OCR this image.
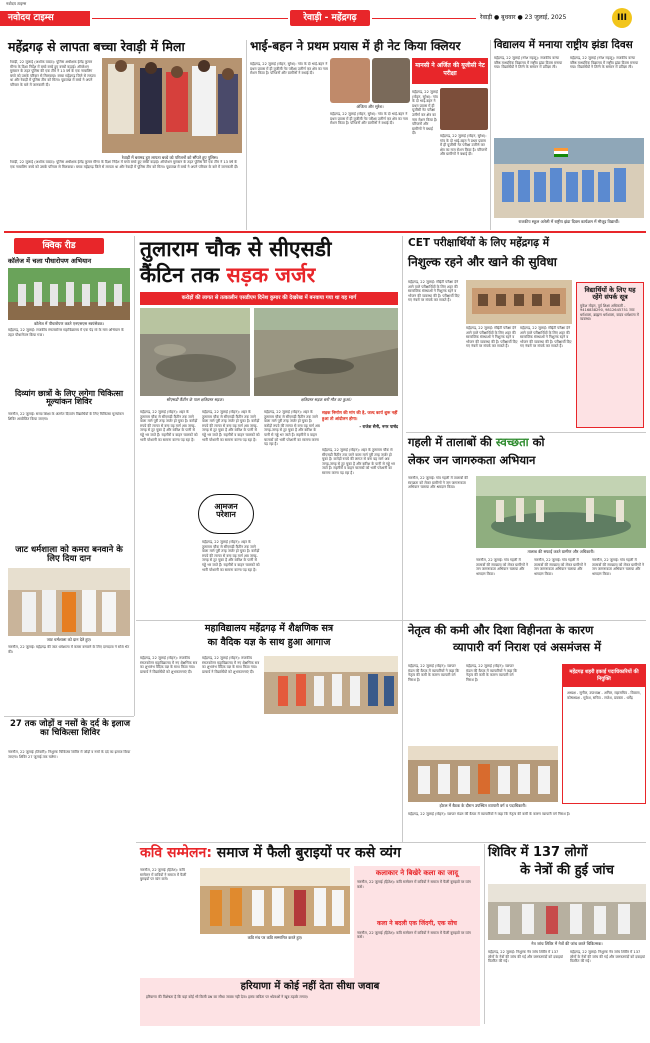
नवोदय टाइम्स
नवोदय टाइम्स	रेवाड़ी - महेंद्रगढ़	रेवाड़ी ● बुधवार ● 23 जुलाई, 2025	III
महेंद्रगढ़ से लापता बच्चा रेवाड़ी में मिला
रेवाड़ी, 22 जुलाई (अशोक यादव): पुलिस अधीक्षक हेमेंद्र कुमार मीणा के दिशा निर्देश में बच्चे बच्चे हुए बच्चों कड़ाई। ऑपरेशन मुस्कान के तहत पुलिस की एक टीम ने 13 वर्ष के एक नाबालिग बच्चे को उसके परिवार से मिलवाया। बच्चा महेंद्रगढ़ जिले से लापता था और रेवाड़ी में पुलिस टीम को मिला। पूछताछ में बच्चे ने अपने परिवार के बारे में जानकारी दी।
रेवाड़ी में बरामद हुए लापता बच्चे को परिजनों को सौंपते हुए पुलिस।
रेवाड़ी, 22 जुलाई (अशोक यादव): पुलिस अधीक्षक हेमेंद्र कुमार मीणा के दिशा निर्देश में बच्चे बच्चे हुए बच्चों कड़ाई। ऑपरेशन मुस्कान के तहत पुलिस की एक टीम ने 13 वर्ष के एक नाबालिग बच्चे को उसके परिवार से मिलवाया। बच्चा महेंद्रगढ़ जिले से लापता था और रेवाड़ी में पुलिस टीम को मिला। पूछताछ में बच्चे ने अपने परिवार के बारे में जानकारी दी।
भाई-बहन ने प्रथम प्रयास में ही नेट किया क्लियर
अंजिता और सुरेश।
महेंद्रगढ़, 22 जुलाई (मोहन, सुरेश): गांव के दो भाई-बहन ने प्रथम प्रयास में ही यूजीसी नेट परीक्षा उत्तीर्ण कर क्षेत्र का नाम रोशन किया है। परिजनों और ग्रामीणों ने बधाई दी।
महेंद्रगढ़, 22 जुलाई (मोहन, सुरेश): गांव के दो भाई-बहन ने प्रथम प्रयास में ही यूजीसी नेट परीक्षा उत्तीर्ण कर क्षेत्र का नाम रोशन किया है। परिजनों और ग्रामीणों ने बधाई दी।
मानसी ने अर्जित की यूजीसी नेट परीक्षा
महेंद्रगढ़, 22 जुलाई (मोहन, सुरेश): गांव के दो भाई-बहन ने प्रथम प्रयास में ही यूजीसी नेट परीक्षा उत्तीर्ण कर क्षेत्र का नाम रोशन किया है। परिजनों और ग्रामीणों ने बधाई दी।
महेंद्रगढ़, 22 जुलाई (मोहन, सुरेश): गांव के दो भाई-बहन ने प्रथम प्रयास में ही यूजीसी नेट परीक्षा उत्तीर्ण कर क्षेत्र का नाम रोशन किया है। परिजनों और ग्रामीणों ने बधाई दी।
विद्यालय में मनाया राष्ट्रीय झंडा दिवस
महेंद्रगढ़, 22 जुलाई (नरेश राहाटू): राजकीय कन्या वरिष्ठ माध्यमिक विद्यालय में राष्ट्रीय झंडा दिवस मनाया गया। विद्यार्थियों ने तिरंगे के सम्मान में प्रतिज्ञा ली।
महेंद्रगढ़, 22 जुलाई (नरेश राहाटू): राजकीय कन्या वरिष्ठ माध्यमिक विद्यालय में राष्ट्रीय झंडा दिवस मनाया गया। विद्यार्थियों ने तिरंगे के सम्मान में प्रतिज्ञा ली।
राजकीय स्कूल अतेली में राष्ट्रीय झंडा दिवस कार्यक्रम में मौजूद विद्यार्थी।
क्विक रीड
कॉलेज में चला पौधारोपण अभियान
कॉलेज में पौधारोपण करते एनएसएस स्वयंसेवक।
महेंद्रगढ़, 22 जुलाई: राजकीय स्नातकोत्तर महाविद्यालय में एक पेड़ मां के नाम अभियान के तहत पौधारोपण किया गया।
दिव्यांग छात्रों के लिए लगेगा चिकित्सा मूल्यांकन शिविर
नारनौल, 22 जुलाई: समग्र शिक्षा के अंतर्गत दिव्यांग विद्यार्थियों के लिए चिकित्सा मूल्यांकन शिविर आयोजित किया जाएगा।
जाट धर्मशाला को कमरा बनवाने के लिए दिया दान
जाट धर्मशाला को दान देते हुए।
नारनौल, 22 जुलाई: महेंद्रगढ़ की जाट धर्मशाला में कमरा बनवाने के लिए दानदाता ने राशि भेंट की।
तुलाराम चौक से सीएसडी
कैंटिन तक सड़क जर्जर
करोड़ों की लागत से तत्कालीन एसडीएम दिनेश कुमार की देखरेख में बनवाया गया था यह मार्ग
सीएसडी कैंटीन के पास क्षतिग्रस्त सड़क।	क्षतिग्रस्त सड़क बनी मौत का कुआं।
महेंद्रगढ़, 22 जुलाई (मोहन): शहर के तुलाराम चौक से सीएसडी कैंटीन तक जाने वाला मार्ग पूरी तरह जर्जर हो चुका है। करोड़ों रुपये की लागत से बना यह मार्ग अब जगह-जगह से टूट चुका है और बारिश के पानी से गड्ढे भर जाते हैं। राहगीरों व वाहन चालकों को भारी परेशानी का सामना करना पड़ रहा है।
महेंद्रगढ़, 22 जुलाई (मोहन): शहर के तुलाराम चौक से सीएसडी कैंटीन तक जाने वाला मार्ग पूरी तरह जर्जर हो चुका है। करोड़ों रुपये की लागत से बना यह मार्ग अब जगह-जगह से टूट चुका है और बारिश के पानी से गड्ढे भर जाते हैं। राहगीरों व वाहन चालकों को भारी परेशानी का सामना करना पड़ रहा है।
आमजन
परेशान
महेंद्रगढ़, 22 जुलाई (मोहन): शहर के तुलाराम चौक से सीएसडी कैंटीन तक जाने वाला मार्ग पूरी तरह जर्जर हो चुका है। करोड़ों रुपये की लागत से बना यह मार्ग अब जगह-जगह से टूट चुका है और बारिश के पानी से गड्ढे भर जाते हैं। राहगीरों व वाहन चालकों को भारी परेशानी का सामना करना पड़ रहा है।
महेंद्रगढ़, 22 जुलाई (मोहन): शहर के तुलाराम चौक से सीएसडी कैंटीन तक जाने वाला मार्ग पूरी तरह जर्जर हो चुका है। करोड़ों रुपये की लागत से बना यह मार्ग अब जगह-जगह से टूट चुका है और बारिश के पानी से गड्ढे भर जाते हैं। राहगीरों व वाहन चालकों को भारी परेशानी का सामना करना पड़ रहा है।
सड़क निर्माण की मांग की है, जल्द कार्य शुरू नहीं हुआ तो आंदोलन होगा।
- राजेश सैनी, नगर पार्षद
महेंद्रगढ़, 22 जुलाई (मोहन): शहर के तुलाराम चौक से सीएसडी कैंटीन तक जाने वाला मार्ग पूरी तरह जर्जर हो चुका है। करोड़ों रुपये की लागत से बना यह मार्ग अब जगह-जगह से टूट चुका है और बारिश के पानी से गड्ढे भर जाते हैं। राहगीरों व वाहन चालकों को भारी परेशानी का सामना करना पड़ रहा है।
CET परीक्षार्थियों के लिए महेंद्रगढ़ में
निशुल्क रहने और खाने की सुविधा
महेंद्रगढ़, 22 जुलाई: सीईटी परीक्षा देने आने वाले परीक्षार्थियों के लिए शहर की सामाजिक संस्थाओं ने निशुल्क रहने व भोजन की व्यवस्था की है। परीक्षार्थी दिए गए नंबरों पर संपर्क कर सकते हैं।
महेंद्रगढ़, 22 जुलाई: सीईटी परीक्षा देने आने वाले परीक्षार्थियों के लिए शहर की सामाजिक संस्थाओं ने निशुल्क रहने व भोजन की व्यवस्था की है। परीक्षार्थी दिए गए नंबरों पर संपर्क कर सकते हैं।
महेंद्रगढ़, 22 जुलाई: सीईटी परीक्षा देने आने वाले परीक्षार्थियों के लिए शहर की सामाजिक संस्थाओं ने निशुल्क रहने व भोजन की व्यवस्था की है। परीक्षार्थी दिए गए नंबरों पर संपर्क कर सकते हैं।
विद्यार्थियों के लिए यह रहेंगे संपर्क सूत्र
मुकेश मोहन, पूर्व शिक्षा अधिकारी - 9416838290, 9812645751 जाट धर्मशाला, ब्राह्मण धर्मशाला, यादव धर्मशाला में व्यवस्था।
गहली में तालाबों की स्वच्छता को
लेकर जन जागरुकता अभियान
नारनौल, 22 जुलाई: गांव गहली में तालाबों की स्वच्छता को लेकर ग्रामीणों ने जन जागरूकता अभियान चलाया और श्रमदान किया।
तालाब की सफाई करते ग्रामीण और अधिकारी।
नारनौल, 22 जुलाई: गांव गहली में तालाबों की स्वच्छता को लेकर ग्रामीणों ने जन जागरूकता अभियान चलाया और श्रमदान किया।
नारनौल, 22 जुलाई: गांव गहली में तालाबों की स्वच्छता को लेकर ग्रामीणों ने जन जागरूकता अभियान चलाया और श्रमदान किया।
नारनौल, 22 जुलाई: गांव गहली में तालाबों की स्वच्छता को लेकर ग्रामीणों ने जन जागरूकता अभियान चलाया और श्रमदान किया।
महाविद्यालय महेंद्रगढ़ में शैक्षणिक सत्र
का वैदिक यज्ञ के साथ हुआ आगाज
महेंद्रगढ़, 22 जुलाई (मोहन): राजकीय स्नातकोत्तर महाविद्यालय में नए शैक्षणिक सत्र का शुभारंभ वैदिक यज्ञ के साथ किया गया। प्राचार्य ने विद्यार्थियों को शुभकामनाएं दीं।
महेंद्रगढ़, 22 जुलाई (मोहन): राजकीय स्नातकोत्तर महाविद्यालय में नए शैक्षणिक सत्र का शुभारंभ वैदिक यज्ञ के साथ किया गया। प्राचार्य ने विद्यार्थियों को शुभकामनाएं दीं।
नेतृत्व की कमी और दिशा विहीनता के कारण
व्यापारी वर्ग निराश एवं असमंजस में
महेंद्रगढ़, 22 जुलाई (मोहन): व्यापार मंडल की बैठक में व्यापारियों ने कहा कि नेतृत्व की कमी के कारण व्यापारी वर्ग निराश है।
महेंद्रगढ़, 22 जुलाई (मोहन): व्यापार मंडल की बैठक में व्यापारियों ने कहा कि नेतृत्व की कमी के कारण व्यापारी वर्ग निराश है।
होटल में बैठक के दौरान उपस्थित व्यापारी वर्ग व पदाधिकारी।
महेंद्रगढ़, 22 जुलाई (मोहन): व्यापार मंडल की बैठक में व्यापारियों ने कहा कि नेतृत्व की कमी के कारण व्यापारी वर्ग निराश है।
महेंद्रगढ़ शहरी इकाई पदाधिकारियों की नियुक्ति
अध्यक्ष - सुनील, उपाध्यक्ष - अनिल, महासचिव - विकास, कोषाध्यक्ष - मुकेश, सचिव - राजेश, प्रवक्ता - धर्मेंद्र
27 तक जोड़ों व नसों के दर्द के इलाज का चिकित्सा शिविर
नारनौल, 22 जुलाई (तिवारी): निशुल्क चिकित्सा शिविर में जोड़ों व नसों के दर्द का इलाज किया जाएगा। शिविर 27 जुलाई तक चलेगा।
कवि सम्मेलन: समाज में फैली बुराइयों पर कसे व्यंग
नारनौल, 22 जुलाई (हितेश): कवि सम्मेलन में कवियों ने समाज में फैली बुराइयों पर व्यंग कसे।
कवि मंच पर कवि सम्मानित करते हुए।
कलाकार ने बिखेरे कला का जादू
नारनौल, 22 जुलाई (हितेश): कवि सम्मेलन में कवियों ने समाज में फैली बुराइयों पर व्यंग कसे।
कला ने बदली एक जिंदगी, एक सोच
नारनौल, 22 जुलाई (हितेश): कवि सम्मेलन में कवियों ने समाज में फैली बुराइयों पर व्यंग कसे।
हरियाणा में कोई नहीं देता सीधा जवाब
हरियाणा की विशेषता है कि यहां कोई भी किसी प्रश्न का सीधा जवाब नहीं देता। हास्य कविता पर श्रोताओं ने खूब ठहाके लगाए।
शिविर में 137 लोगों
के नेत्रों की हुई जांच
नेत्र जांच शिविर में नेत्रों की जांच करते चिकित्सक।
महेंद्रगढ़, 22 जुलाई: निशुल्क नेत्र जांच शिविर में 137 लोगों के नेत्रों की जांच की गई और जरूरतमंदों को दवाइयां वितरित की गईं।
महेंद्रगढ़, 22 जुलाई: निशुल्क नेत्र जांच शिविर में 137 लोगों के नेत्रों की जांच की गई और जरूरतमंदों को दवाइयां वितरित की गईं।
